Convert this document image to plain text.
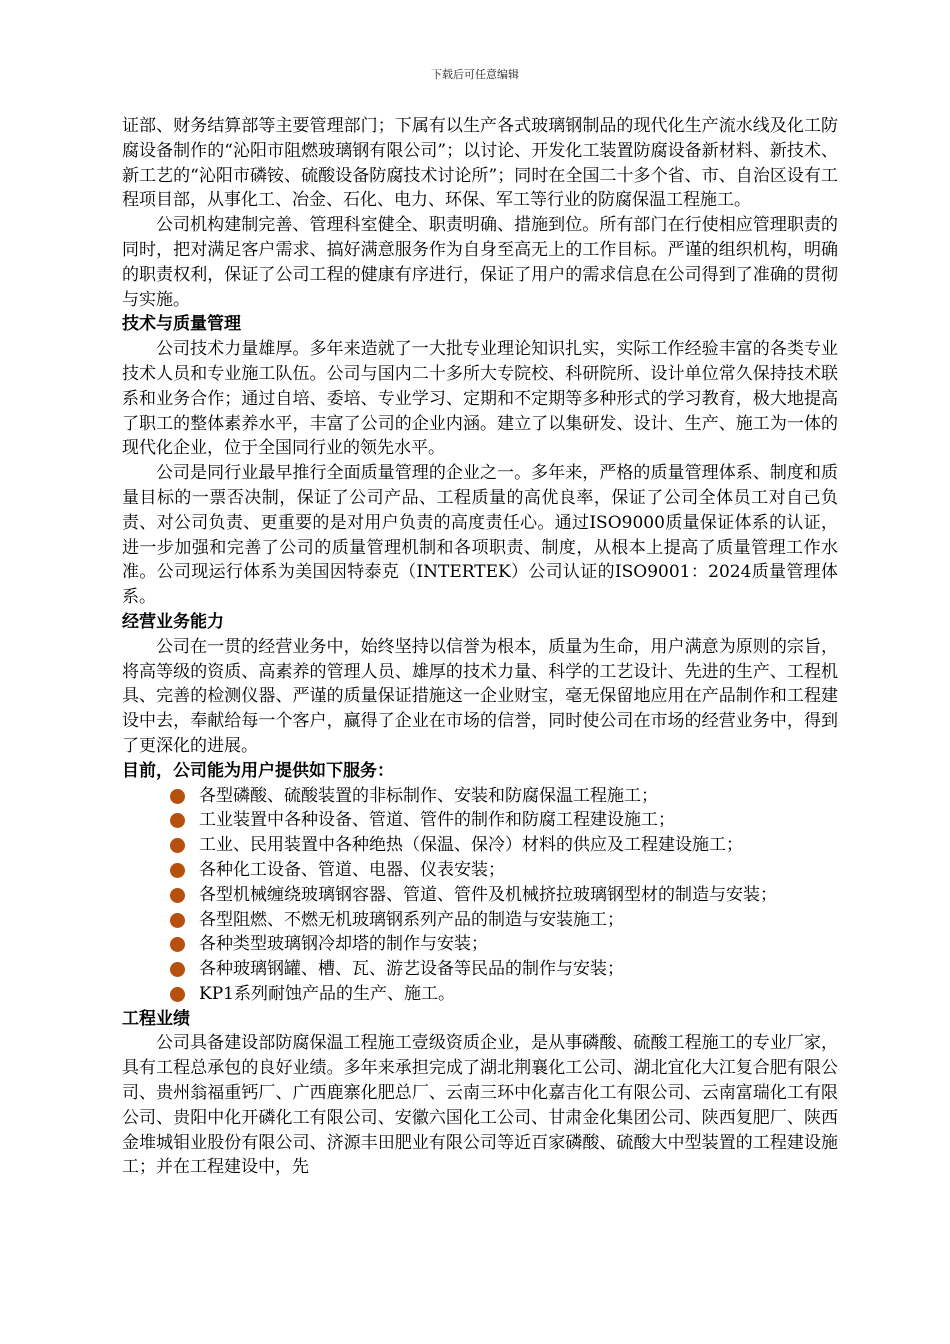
下载后可任意编辑

证部、财务结算部等主要管理部门；下属有以生产各式玻璃钢制品的现代化生产流水线及化工防腐设备制作的“沁阳市阻燃玻璃钢有限公司”；以讨论、开发化工装置防腐设备新材料、新技术、新工艺的“沁阳市磷铵、硫酸设备防腐技术讨论所”；同时在全国二十多个省、市、自治区设有工程项目部，从事化工、冶金、石化、电力、环保、军工等行业的防腐保温工程施工。

公司机构建制完善、管理科室健全、职责明确、措施到位。所有部门在行使相应管理职责的同时，把对满足客户需求、搞好满意服务作为自身至高无上的工作目标。严谨的组织机构，明确的职责权利，保证了公司工程的健康有序进行，保证了用户的需求信息在公司得到了准确的贯彻与实施。

技术与质量管理

公司技术力量雄厚。多年来造就了一大批专业理论知识扎实，实际工作经验丰富的各类专业技术人员和专业施工队伍。公司与国内二十多所大专院校、科研院所、设计单位常久保持技术联系和业务合作；通过自培、委培、专业学习、定期和不定期等多种形式的学习教育，极大地提高了职工的整体素养水平，丰富了公司的企业内涵。建立了以集研发、设计、生产、施工为一体的现代化企业，位于全国同行业的领先水平。

公司是同行业最早推行全面质量管理的企业之一。多年来，严格的质量管理体系、制度和质量目标的一票否决制，保证了公司产品、工程质量的高优良率，保证了公司全体员工对自己负责、对公司负责、更重要的是对用户负责的高度责任心。通过ISO9000质量保证体系的认证，进一步加强和完善了公司的质量管理机制和各项职责、制度，从根本上提高了质量管理工作水准。公司现运行体系为美国因特泰克（INTERTEK）公司认证的ISO9001：2024质量管理体系。

经营业务能力

公司在一贯的经营业务中，始终坚持以信誉为根本，质量为生命，用户满意为原则的宗旨，将高等级的资质、高素养的管理人员、雄厚的技术力量、科学的工艺设计、先进的生产、工程机具、完善的检测仪器、严谨的质量保证措施这一企业财宝，毫无保留地应用在产品制作和工程建设中去，奉献给每一个客户，赢得了企业在市场的信誉，同时使公司在市场的经营业务中，得到了更深化的进展。

目前，公司能为用户提供如下服务：
各型磷酸、硫酸装置的非标制作、安装和防腐保温工程施工；
工业装置中各种设备、管道、管件的制作和防腐工程建设施工；
工业、民用装置中各种绝热（保温、保冷）材料的供应及工程建设施工；
各种化工设备、管道、电器、仪表安装；
各型机械缠绕玻璃钢容器、管道、管件及机械挤拉玻璃钢型材的制造与安装；
各型阻燃、不燃无机玻璃钢系列产品的制造与安装施工；
各种类型玻璃钢冷却塔的制作与安装；
各种玻璃钢罐、槽、瓦、游艺设备等民品的制作与安装；
KP1系列耐蚀产品的生产、施工。
工程业绩

公司具备建设部防腐保温工程施工壹级资质企业，是从事磷酸、硫酸工程施工的专业厂家，具有工程总承包的良好业绩。多年来承担完成了湖北荆襄化工公司、湖北宜化大江复合肥有限公司、贵州翁福重钙厂、广西鹿寨化肥总厂、云南三环中化嘉吉化工有限公司、云南富瑞化工有限公司、贵阳中化开磷化工有限公司、安徽六国化工公司、甘肃金化集团公司、陕西复肥厂、陕西金堆城钼业股份有限公司、济源丰田肥业有限公司等近百家磷酸、硫酸大中型装置的工程建设施工；并在工程建设中，先
